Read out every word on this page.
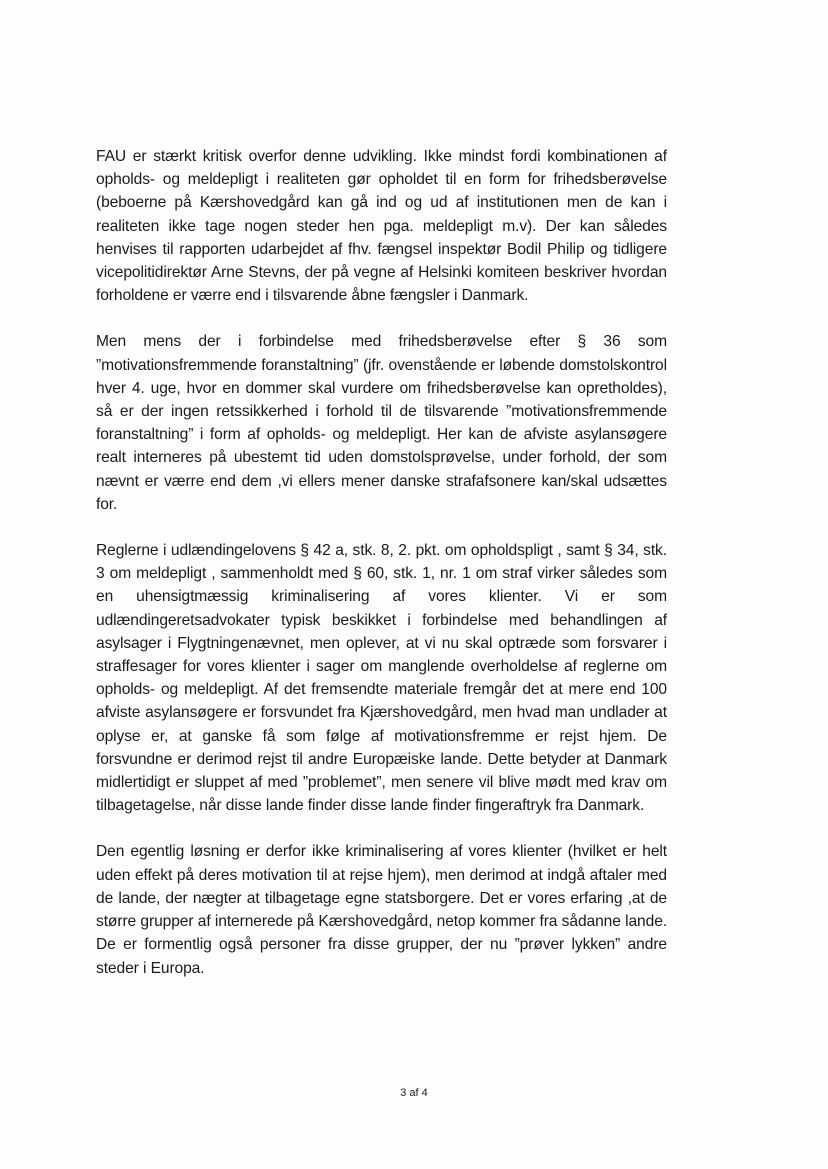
FAU er stærkt kritisk overfor denne udvikling. Ikke mindst fordi kombinationen af opholds- og meldepligt i realiteten gør opholdet til en form for frihedsberøvelse (beboerne på Kærshovedgård kan gå ind og ud af institutionen men de kan i realiteten ikke tage nogen steder hen pga. meldepligt m.v). Der kan således henvises til rapporten udarbejdet af fhv. fængsel inspektør Bodil Philip og tidligere vicepolitidirektør Arne Stevns, der på vegne af Helsinki komiteen beskriver hvordan forholdene er værre end i tilsvarende åbne fængsler i Danmark.

Men mens der i forbindelse med frihedsberøvelse efter § 36 som ”motivationsfremmende foranstaltning” (jfr. ovenstående er løbende domstolskontrol hver 4. uge, hvor en dommer skal vurdere om frihedsberøvelse kan opretholdes), så er der ingen retssikkerhed i forhold til de tilsvarende ”motivationsfremmende foranstaltning” i form af opholds- og meldepligt. Her kan de afviste asylansøgere realt interneres på ubestemt tid uden domstolsprøvelse, under forhold, der som nævnt er værre end dem ,vi ellers mener danske strafafsonere kan/skal udsættes for.

Reglerne i udlændingelovens § 42 a, stk. 8, 2. pkt. om opholdspligt , samt § 34, stk. 3 om meldepligt , sammenholdt med § 60, stk. 1, nr. 1 om straf virker således som en uhensigtmæssig kriminalisering af vores klienter. Vi er som udlændingeretsadvokater typisk beskikket i forbindelse med behandlingen af asylsager i Flygtningenævnet, men oplever, at vi nu skal optræde som forsvarer i straffesager for vores klienter i sager om manglende overholdelse af reglerne om opholds- og meldepligt. Af det fremsendte materiale fremgår det at mere end 100 afviste asylansøgere er forsvundet fra Kjærshovedgård, men hvad man undlader at oplyse er, at ganske få som følge af motivationsfremme er rejst hjem. De forsvundne er derimod rejst til andre Europæiske lande. Dette betyder at Danmark midlertidigt er sluppet af med ”problemet”, men senere vil blive mødt med krav om tilbagetagelse, når disse lande finder disse lande finder fingeraftryk fra Danmark.

Den egentlig løsning er derfor ikke kriminalisering af vores klienter (hvilket er helt uden effekt på deres motivation til at rejse hjem), men derimod at indgå aftaler med de lande, der nægter at tilbagetage egne statsborgere. Det er vores erfaring ,at de større grupper af internerede på Kærshovedgård, netop kommer fra sådanne lande. De er formentlig også personer fra disse grupper, der nu ”prøver lykken” andre steder i Europa.

3 af 4
